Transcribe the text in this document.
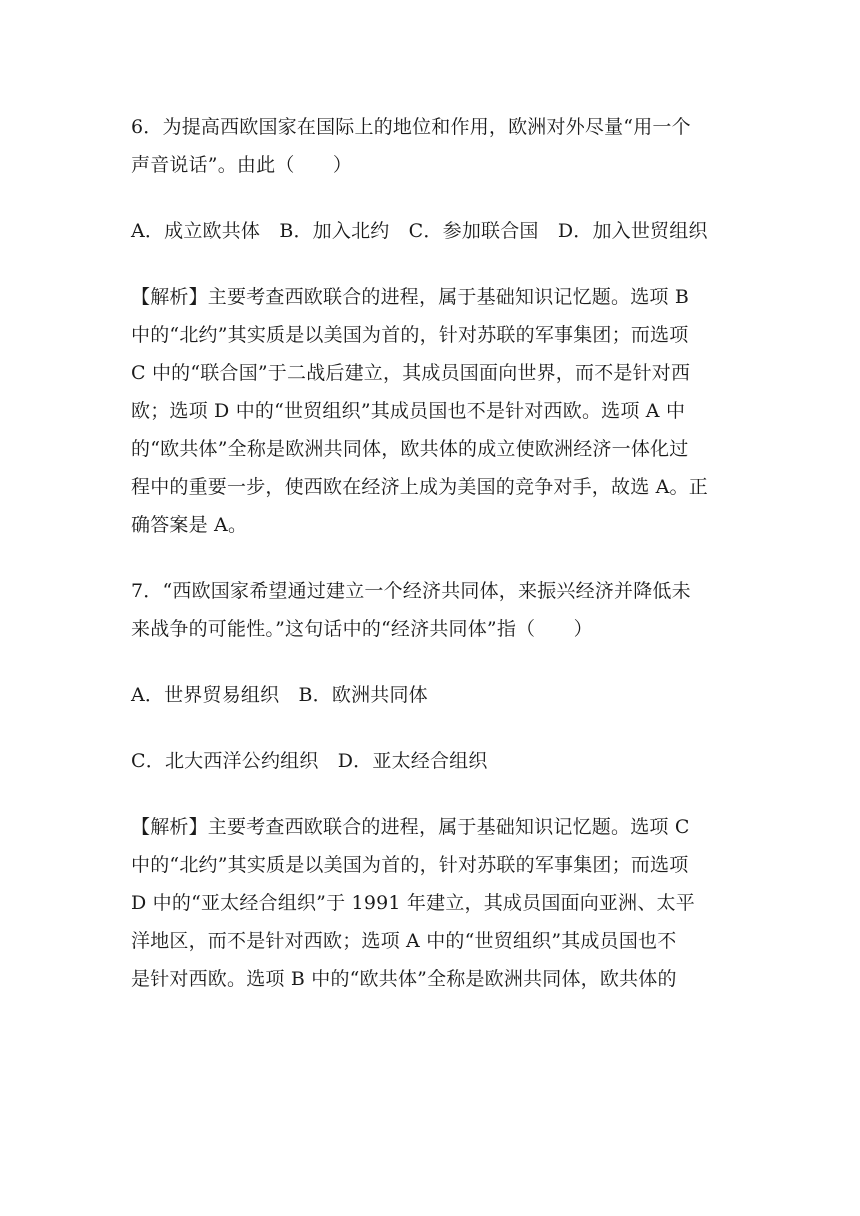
6．为提高西欧国家在国际上的地位和作用，欧洲对外尽量“用一个
声音说话”。由此（　　）
A．成立欧共体　B．加入北约　C．参加联合国　D．加入世贸组织
【解析】主要考查西欧联合的进程，属于基础知识记忆题。选项 B
中的“北约”其实质是以美国为首的，针对苏联的军事集团；而选项
C 中的“联合国”于二战后建立，其成员国面向世界，而不是针对西
欧；选项 D 中的“世贸组织”其成员国也不是针对西欧。选项 A 中
的“欧共体”全称是欧洲共同体，欧共体的成立使欧洲经济一体化过
程中的重要一步，使西欧在经济上成为美国的竞争对手，故选 A。正
确答案是 A。
7．“西欧国家希望通过建立一个经济共同体，来振兴经济并降低未
来战争的可能性。”这句话中的“经济共同体”指（　　）
A．世界贸易组织　B．欧洲共同体
C．北大西洋公约组织　D．亚太经合组织
【解析】主要考查西欧联合的进程，属于基础知识记忆题。选项 C
中的“北约”其实质是以美国为首的，针对苏联的军事集团；而选项
D 中的“亚太经合组织”于 1991 年建立，其成员国面向亚洲、太平
洋地区，而不是针对西欧；选项 A 中的“世贸组织”其成员国也不
是针对西欧。选项 B 中的“欧共体”全称是欧洲共同体，欧共体的
